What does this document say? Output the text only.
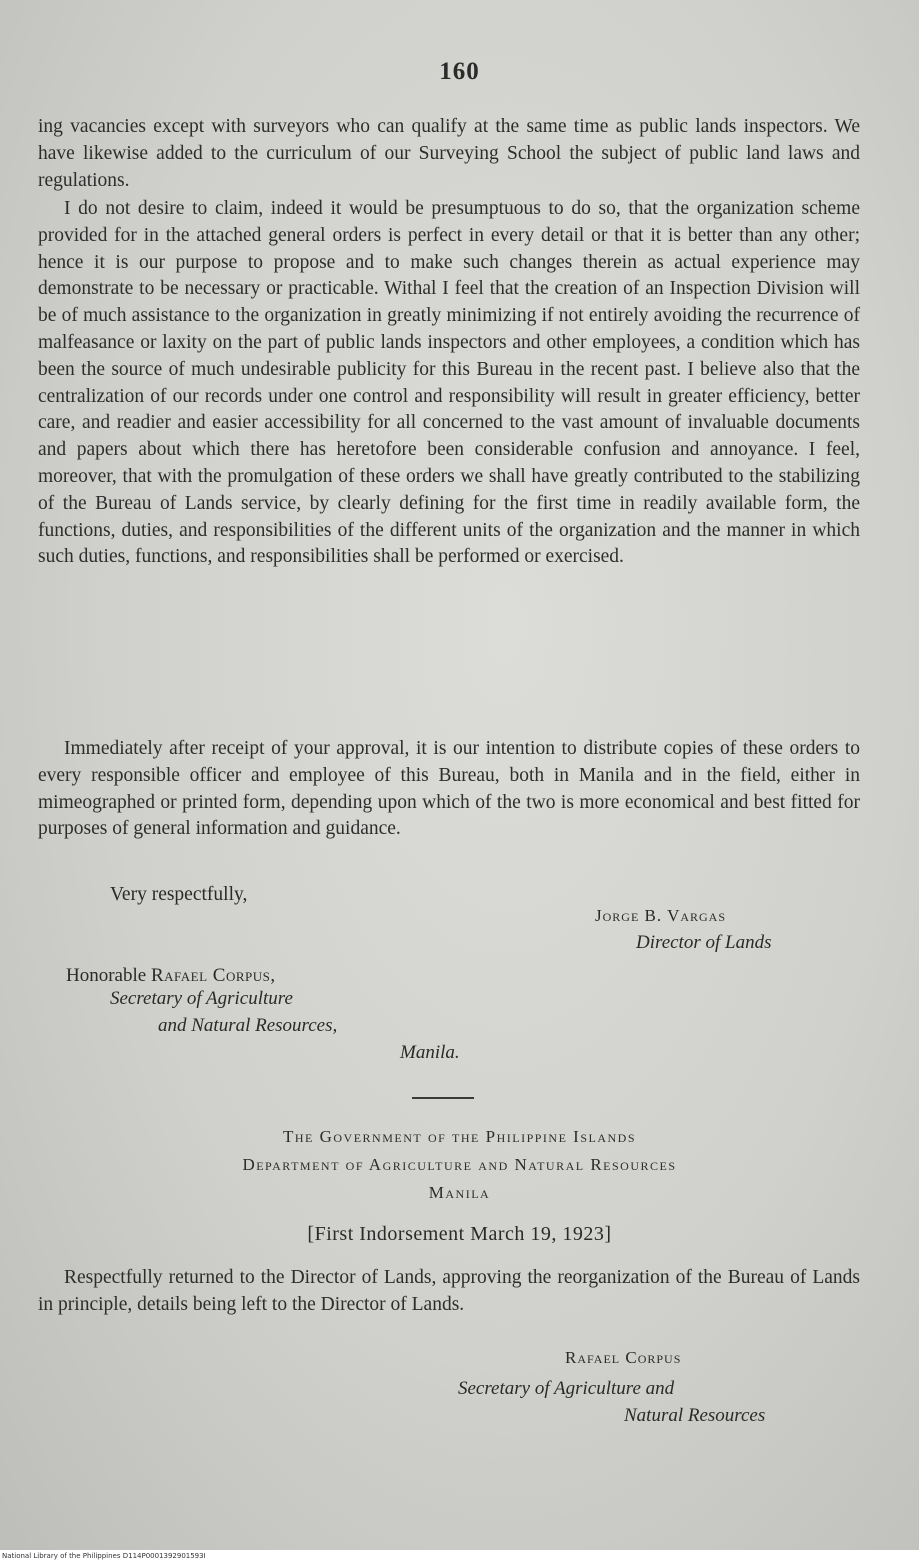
160

ing vacancies except with surveyors who can qualify at the same time as public lands inspectors. We have likewise added to the curriculum of our Surveying School the subject of public land laws and regulations.

I do not desire to claim, indeed it would be presumptuous to do so, that the organization scheme provided for in the attached general orders is perfect in every detail or that it is better than any other; hence it is our purpose to propose and to make such changes therein as actual experience may demonstrate to be necessary or practicable. Withal I feel that the creation of an Inspection Division will be of much assistance to the organization in greatly minimizing if not entirely avoiding the recurrence of malfeasance or laxity on the part of public lands inspectors and other employees, a condition which has been the source of much undesirable publicity for this Bureau in the recent past. I believe also that the centralization of our records under one control and responsibility will result in greater efficiency, better care, and readier and easier accessibility for all concerned to the vast amount of invaluable documents and papers about which there has heretofore been considerable confusion and annoyance. I feel, moreover, that with the promulgation of these orders we shall have greatly contributed to the stabilizing of the Bureau of Lands service, by clearly defining for the first time in readily available form, the functions, duties, and responsibilities of the different units of the organization and the manner in which such duties, functions, and responsibilities shall be performed or exercised.

Immediately after receipt of your approval, it is our intention to distribute copies of these orders to every responsible officer and employee of this Bureau, both in Manila and in the field, either in mimeographed or printed form, depending upon which of the two is more economical and best fitted for purposes of general information and guidance.

Very respectfully,
Jorge B. Vargas
Director of Lands
Honorable Rafael Corpus,
Secretary of Agriculture
and Natural Resources,
Manila.
The Government of the Philippine Islands
Department of Agriculture and Natural Resources
Manila
[First Indorsement March 19, 1923]

Respectfully returned to the Director of Lands, approving the reorganization of the Bureau of Lands in principle, details being left to the Director of Lands.

Rafael Corpus
Secretary of Agriculture and
Natural Resources
National Library of the Philippines D114P0001392901593I
